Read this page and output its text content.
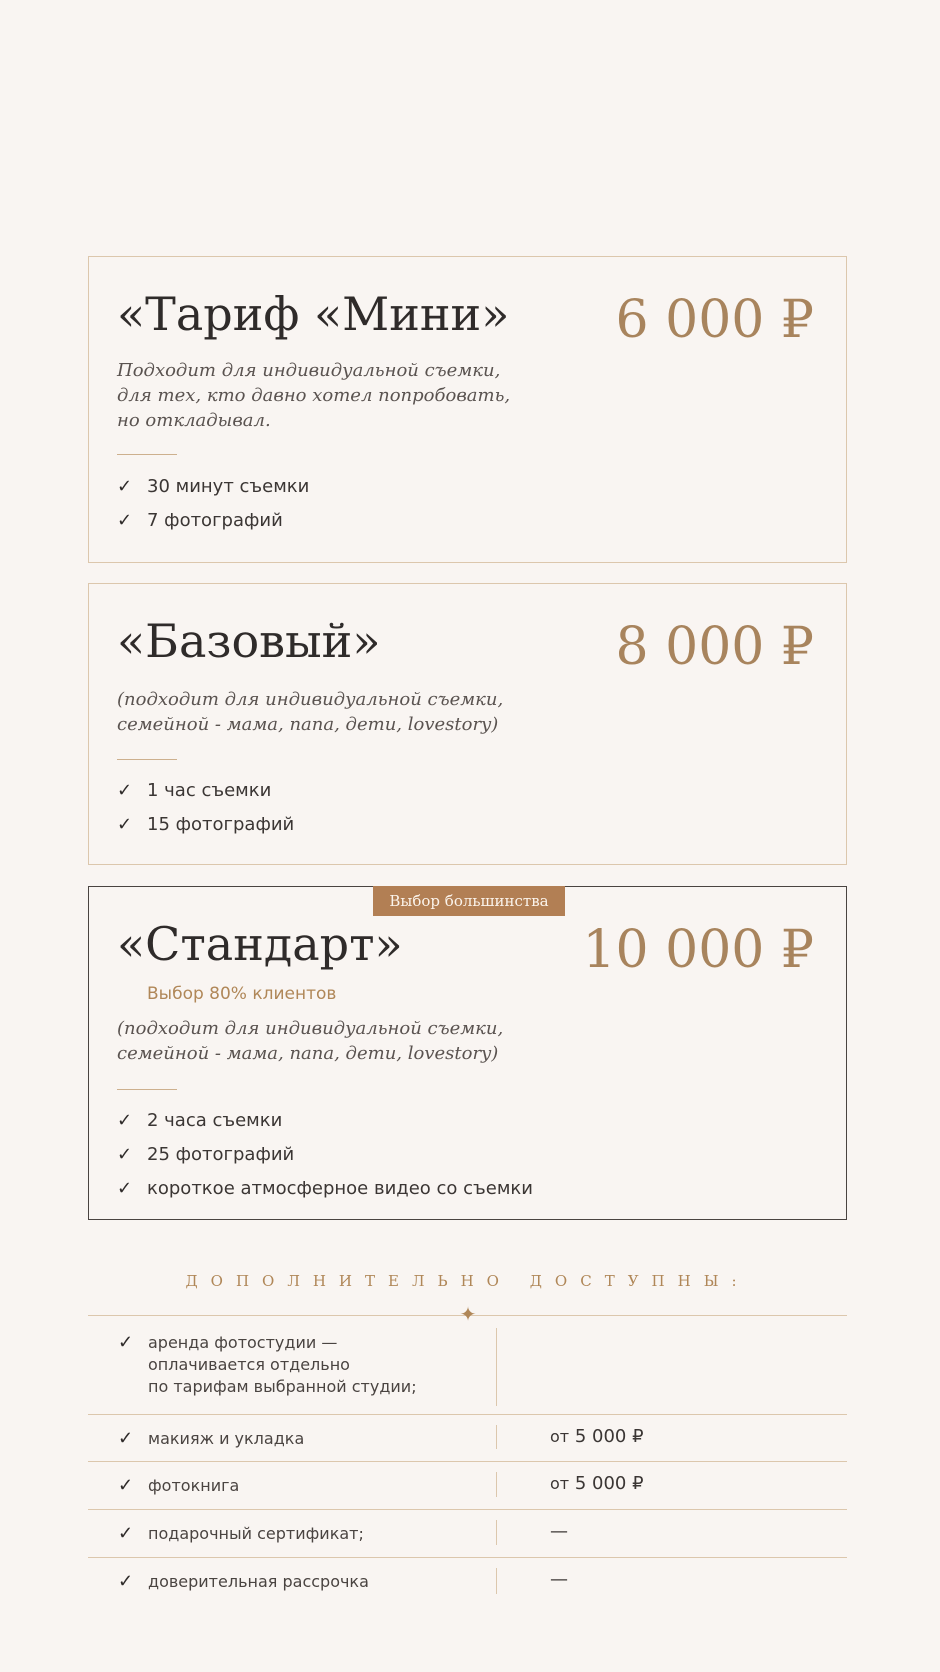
«Тариф «Мини» 6 000 ₽
Подходит для индивидуальной съемки,
для тех, кто давно хотел попробовать,
но откладывал.
✓ 30 минут съемки
✓ 7 фотографий
«Базовый»	8 000 ₽
(подходит для индивидуальной съемки,
семейной - мама, папа, дети, lovestory)
✓ 1 час съемки
✓ 15 фотографий
Выбор большинства
«Стандарт»	10 000 ₽
Выбор 80% клиентов
(подходит для индивидуальной съемки,
семейной - мама, папа, дети, lovestory)
✓ 2 часа съемки
✓ 25 фотографий
✓ короткое атмосферное видео со съемки
ДОПОЛНИТЕЛЬНО ДОСТУПНЫ:
✦
✓ аренда фотостудии —
оплачивается отдельно
по тарифам выбранной студии;
✓ макияж и укладка	от 5 000 ₽
✓ фотокнига	от 5 000 ₽
✓ подарочный сертификат;	—
✓ доверительная рассрочка	—
